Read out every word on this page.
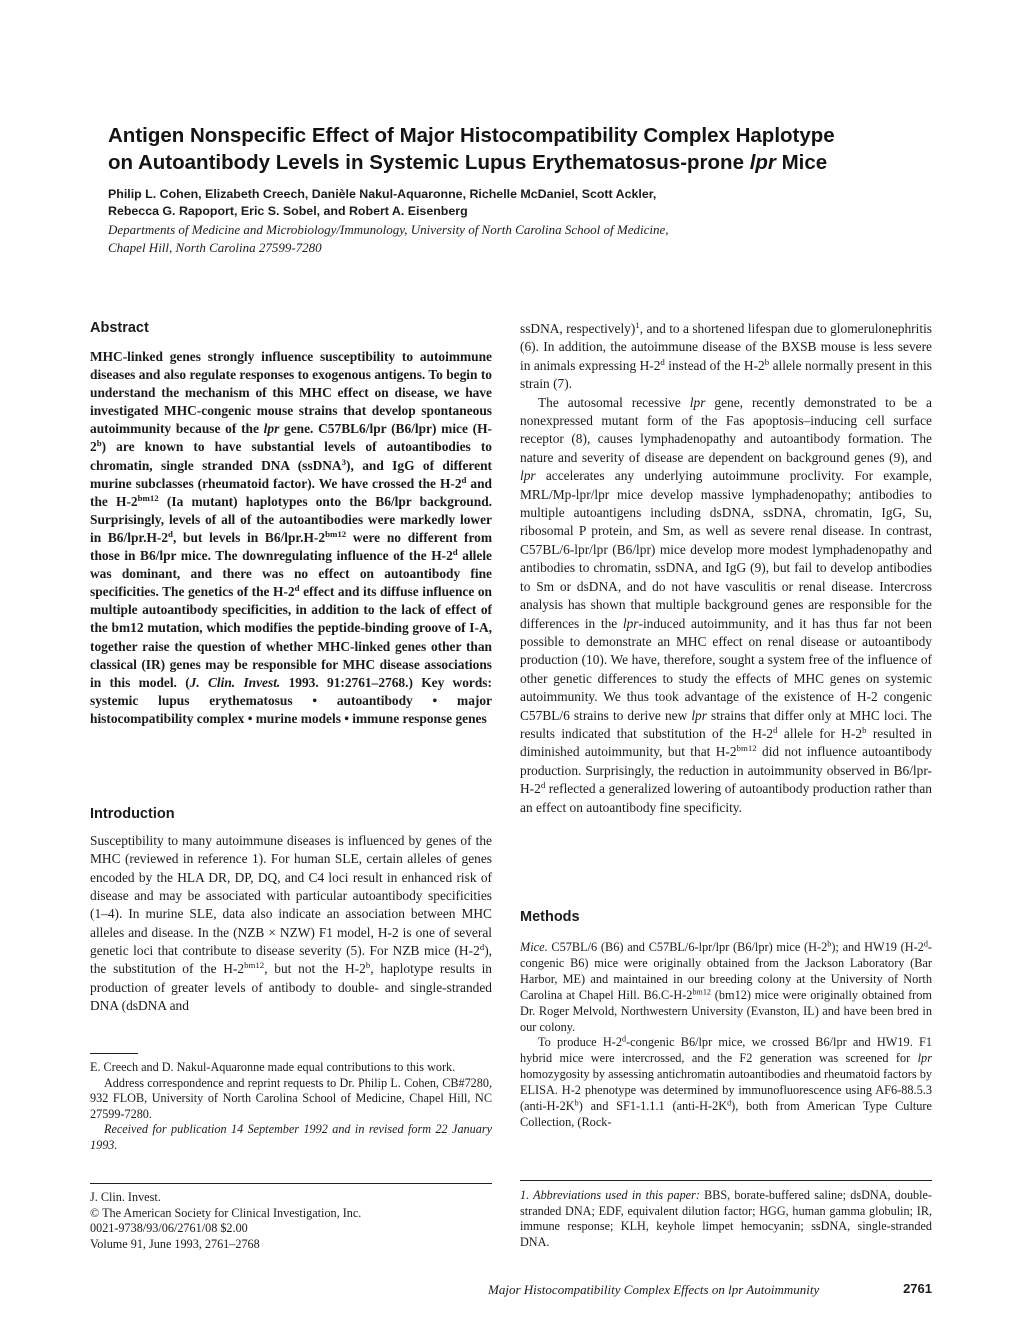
Antigen Nonspecific Effect of Major Histocompatibility Complex Haplotype
on Autoantibody Levels in Systemic Lupus Erythematosus-prone lpr Mice
Philip L. Cohen, Elizabeth Creech, Danièle Nakul-Aquaronne, Richelle McDaniel, Scott Ackler,
Rebecca G. Rapoport, Eric S. Sobel, and Robert A. Eisenberg
Departments of Medicine and Microbiology/Immunology, University of North Carolina School of Medicine,
Chapel Hill, North Carolina 27599-7280
Abstract
MHC-linked genes strongly influence susceptibility to autoimmune diseases and also regulate responses to exogenous antigens. To begin to understand the mechanism of this MHC effect on disease, we have investigated MHC-congenic mouse strains that develop spontaneous autoimmunity because of the lpr gene. C57BL6/lpr (B6/lpr) mice (H-2$^b$) are known to have substantial levels of autoantibodies to chromatin, single stranded DNA (ssDNA$^3$), and IgG of different murine subclasses (rheumatoid factor). We have crossed the H-2$^d$ and the $H-2^{bm12}$ (Ia mutant) haplotypes onto the B6/lpr background. Surprisingly, levels of all of the autoantibodies were markedly lower in B6/lpr.H-2$^d$, but levels in $B6/lpr.H-2^{bm12}$ were no different from those in B6/lpr mice. The downregulating influence of the H-2$^d$ allele was dominant, and there was no effect on autoantibody fine specificities. The genetics of the H-2$^d$ effect and its diffuse influence on multiple autoantibody specificities, in addition to the lack of effect of the bm12 mutation, which modifies the peptide-binding groove of I-A, together raise the question of whether MHC-linked genes other than classical (IR) genes may be responsible for MHC disease associations in this model. (J. Clin. Invest. 1993. 91:2761–2768.) Key words: systemic lupus erythematosus • autoantibody • major histocompatibility complex • murine models • immune response genes
Introduction
Susceptibility to many autoimmune diseases is influenced by genes of the MHC (reviewed in reference 1). For human SLE, certain alleles of genes encoded by the HLA DR, DP, DQ, and C4 loci result in enhanced risk of disease and may be associated with particular autoantibody specificities (1–4). In murine SLE, data also indicate an association between MHC alleles and disease. In the (NZB × NZW) F1 model, H-2 is one of several genetic loci that contribute to disease severity (5). For NZB mice (H-2$^d$), the substitution of the $H-2^{bm12}$, but not the H-2$^b$, haplotype results in production of greater levels of antibody to double- and single-stranded DNA (dsDNA and

E. Creech and D. Nakul-Aquaronne made equal contributions to this work.

Address correspondence and reprint requests to Dr. Philip L. Cohen, CB#7280, 932 FLOB, University of North Carolina School of Medicine, Chapel Hill, NC 27599-7280.

Received for publication 14 September 1992 and in revised form 22 January 1993.

J. Clin. Invest.
© The American Society for Clinical Investigation, Inc.
0021-9738/93/06/2761/08 $2.00
Volume 91, June 1993, 2761–2768

ssDNA, respectively)$^1$, and to a shortened lifespan due to glomerulonephritis (6). In addition, the autoimmune disease of the BXSB mouse is less severe in animals expressing H-2$^d$ instead of the H-2$^b$ allele normally present in this strain (7).

The autosomal recessive lpr gene, recently demonstrated to be a nonexpressed mutant form of the Fas apoptosis–inducing cell surface receptor (8), causes lymphadenopathy and autoantibody formation. The nature and severity of disease are dependent on background genes (9), and lpr accelerates any underlying autoimmune proclivity. For example, MRL/Mp-lpr/lpr mice develop massive lymphadenopathy; antibodies to multiple autoantigens including dsDNA, ssDNA, chromatin, IgG, Su, ribosomal P protein, and Sm, as well as severe renal disease. In contrast, C57BL/6-lpr/lpr (B6/lpr) mice develop more modest lymphadenopathy and antibodies to chromatin, ssDNA, and IgG (9), but fail to develop antibodies to Sm or dsDNA, and do not have vasculitis or renal disease. Intercross analysis has shown that multiple background genes are responsible for the differences in the lpr-induced autoimmunity, and it has thus far not been possible to demonstrate an MHC effect on renal disease or autoantibody production (10). We have, therefore, sought a system free of the influence of other genetic differences to study the effects of MHC genes on systemic autoimmunity. We thus took advantage of the existence of H-2 congenic C57BL/6 strains to derive new lpr strains that differ only at MHC loci. The results indicated that substitution of the H-2$^d$ allele for H-2$^b$ resulted in diminished autoimmunity, but that $H-2^{bm12}$ did not influence autoantibody production. Surprisingly, the reduction in autoimmunity observed in B6/lpr-H-2$^d$ reflected a generalized lowering of autoantibody production rather than an effect on autoantibody fine specificity.

Methods

Mice. C57BL/6 (B6) and C57BL/6-lpr/lpr (B6/lpr) mice (H-2$^b$); and HW19 (H-2$^d$-congenic B6) mice were originally obtained from the Jackson Laboratory (Bar Harbor, ME) and maintained in our breeding colony at the University of North Carolina at Chapel Hill. $B6.C-H-2^{bm12}$ (bm12) mice were originally obtained from Dr. Roger Melvold, Northwestern University (Evanston, IL) and have been bred in our colony.

To produce H-2$^d$-congenic B6/lpr mice, we crossed B6/lpr and HW19. F1 hybrid mice were intercrossed, and the F2 generation was screened for lpr homozygosity by assessing antichromatin autoantibodies and rheumatoid factors by ELISA. H-2 phenotype was determined by immunofluorescence using AF6-88.5.3 $(anti-H-2K^b)$ and SF1-1.1.1 $(anti-H-2K^d)$, both from American Type Culture Collection, (Rock-

1. Abbreviations used in this paper: BBS, borate-buffered saline; dsDNA, double-stranded DNA; EDF, equivalent dilution factor; HGG, human gamma globulin; IR, immune response; KLH, keyhole limpet hemocyanin; ssDNA, single-stranded DNA.
Major Histocompatibility Complex Effects on lpr Autoimmunity	2761
